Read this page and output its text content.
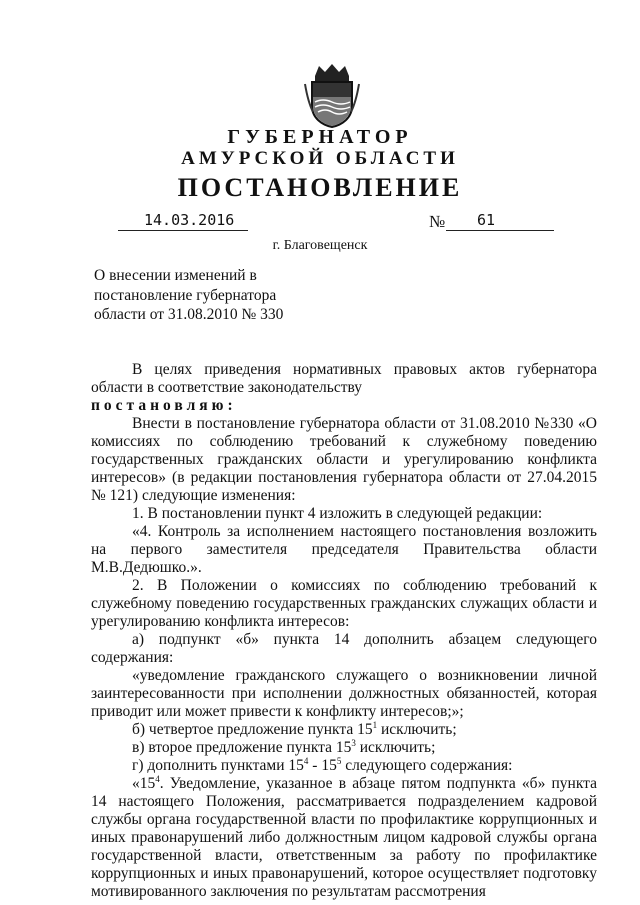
ГУБЕРНАТОР
АМУРСКОЙ ОБЛАСТИ
ПОСТАНОВЛЕНИЕ
14.03.2016	№ 61
г. Благовещенск
О внесении изменений в
постановление губернатора
области от 31.08.2010 № 330

В целях приведения нормативных правовых актов губернатора области в соответствие законодательству

постановляю:

Внести в постановление губернатора области от 31.08.2010 №330 «О комиссиях по соблюдению требований к служебному поведению государственных гражданских области и урегулированию конфликта интересов» (в редакции постановления губернатора области от 27.04.2015 № 121) следующие изменения:

1. В постановлении пункт 4 изложить в следующей редакции:

«4. Контроль за исполнением настоящего постановления возложить на первого заместителя председателя Правительства области М.В.Дедюшко.».

2. В Положении о комиссиях по соблюдению требований к служебному поведению государственных гражданских служащих области и урегулированию конфликта интересов:

а) подпункт «б» пункта 14 дополнить абзацем следующего содержания:

«уведомление гражданского служащего о возникновении личной заинтересованности при исполнении должностных обязанностей, которая приводит или может привести к конфликту интересов;»;

б) четвертое предложение пункта $15^1$ исключить;

в) второе предложение пункта $15^3$ исключить;

г) дополнить пунктами $15^4 - 15^5$ следующего содержания:

«$15^4$. Уведомление, указанное в абзаце пятом подпункта «б» пункта 14 настоящего Положения, рассматривается подразделением кадровой службы органа государственной власти по профилактике коррупционных и иных правонарушений либо должностным лицом кадровой службы органа государственной власти, ответственным за работу по профилактике коррупционных и иных правонарушений, которое осуществляет подготовку мотивированного заключения по результатам рассмотрения
